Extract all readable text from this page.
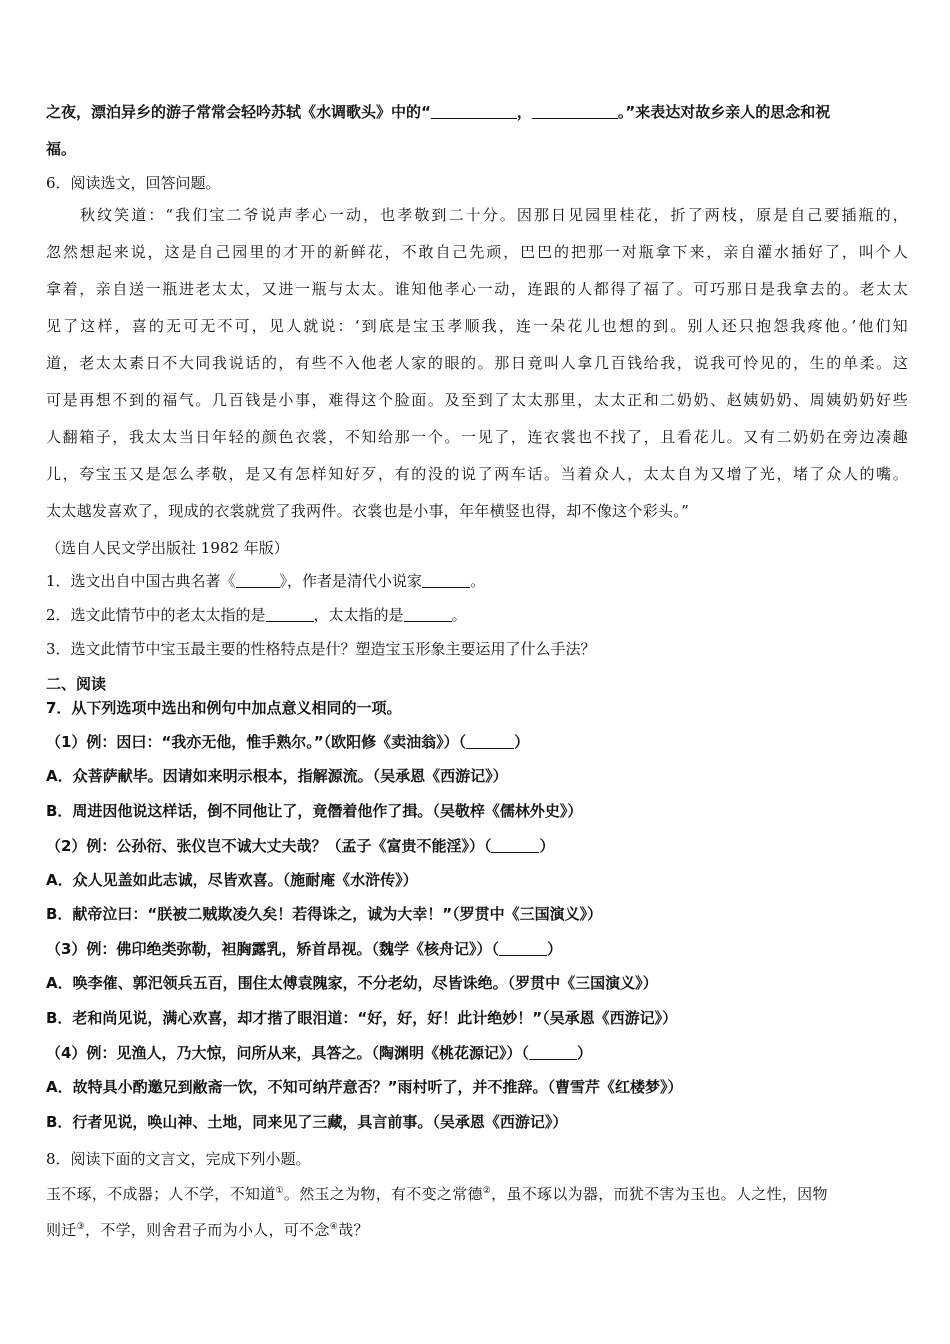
之夜，漂泊异乡的游子常常会轻吟苏轼《水调歌头》中的“	，	。”来表达对故乡亲人的思念和祝
福。
6．阅读选文，回答问题。
秋纹笑道：“我们宝二爷说声孝心一动，也孝敬到二十分。因那日见园里桂花，折了两枝，原是自己要插瓶的，
忽然想起来说，这是自己园里的才开的新鲜花，不敢自己先顽，巴巴的把那一对瓶拿下来，亲自灌水插好了，叫个人
拿着，亲自送一瓶进老太太，又进一瓶与太太。谁知他孝心一动，连跟的人都得了福了。可巧那日是我拿去的。老太太
见了这样，喜的无可无不可，见人就说：‘到底是宝玉孝顺我，连一朵花儿也想的到。别人还只抱怨我疼他。’他们知
道，老太太素日不大同我说话的，有些不入他老人家的眼的。那日竟叫人拿几百钱给我，说我可怜见的，生的单柔。这
可是再想不到的福气。几百钱是小事，难得这个脸面。及至到了太太那里，太太正和二奶奶、赵姨奶奶、周姨奶奶好些
人翻箱子，我太太当日年轻的颜色衣裳，不知给那一个。一见了，连衣裳也不找了，且看花儿。又有二奶奶在旁边凑趣
儿，夸宝玉又是怎么孝敬，是又有怎样知好歹，有的没的说了两车话。当着众人，太太自为又增了光，堵了众人的嘴。
太太越发喜欢了，现成的衣裳就赏了我两件。衣裳也是小事，年年横竖也得，却不像这个彩头。”
（选自人民文学出版社 1982 年版）
1．选文出自中国古典名著《	》，作者是清代小说家	。
2．选文此情节中的老太太指的是	，太太指的是	。
3．选文此情节中宝玉最主要的性格特点是什？塑造宝玉形象主要运用了什么手法？
二、阅读
7．从下列选项中选出和例句中加点意义相同的一项。
（1）例：因曰：“我亦无他，惟手熟尔。”（欧阳修《卖油翁》）（	）
A．众菩萨献毕。因请如来明示根本，指解源流。（吴承恩《西游记》）
B．周进因他说这样话，倒不同他让了，竟僭着他作了揖。（吴敬梓《儒林外史》）
（2）例：公孙衍、张仪岂不诚大丈夫哉？（孟子《富贵不能淫》）（	）
A．众人见盖如此志诚，尽皆欢喜。（施耐庵《水浒传》）
B．献帝泣曰：“朕被二贼欺凌久矣！若得诛之，诚为大幸！”（罗贯中《三国演义》）
（3）例：佛印绝类弥勒，袒胸露乳，矫首昂视。（魏学《核舟记》）（	）
A．唤李傕、郭汜领兵五百，围住太傅袁隗家，不分老幼，尽皆诛绝。（罗贯中《三国演义》）
B．老和尚见说，满心欢喜，却才揩了眼泪道：“好，好，好！此计绝妙！”（吴承恩《西游记》）
（4）例：见渔人，乃大惊，问所从来，具答之。（陶渊明《桃花源记》）（	）
A．故特具小酌邀兄到敝斋一饮，不知可纳芹意否？”雨村听了，并不推辞。（曹雪芹《红楼梦》）
B．行者见说，唤山神、土地，同来见了三藏，具言前事。（吴承恩《西游记》）
8．阅读下面的文言文，完成下列小题。
玉不琢，不成器；人不学，不知道①。然玉之为物，有不变之常德②，虽不琢以为器，而犹不害为玉也。人之性，因物
则迁③，不学，则舍君子而为小人，可不念④哉？
